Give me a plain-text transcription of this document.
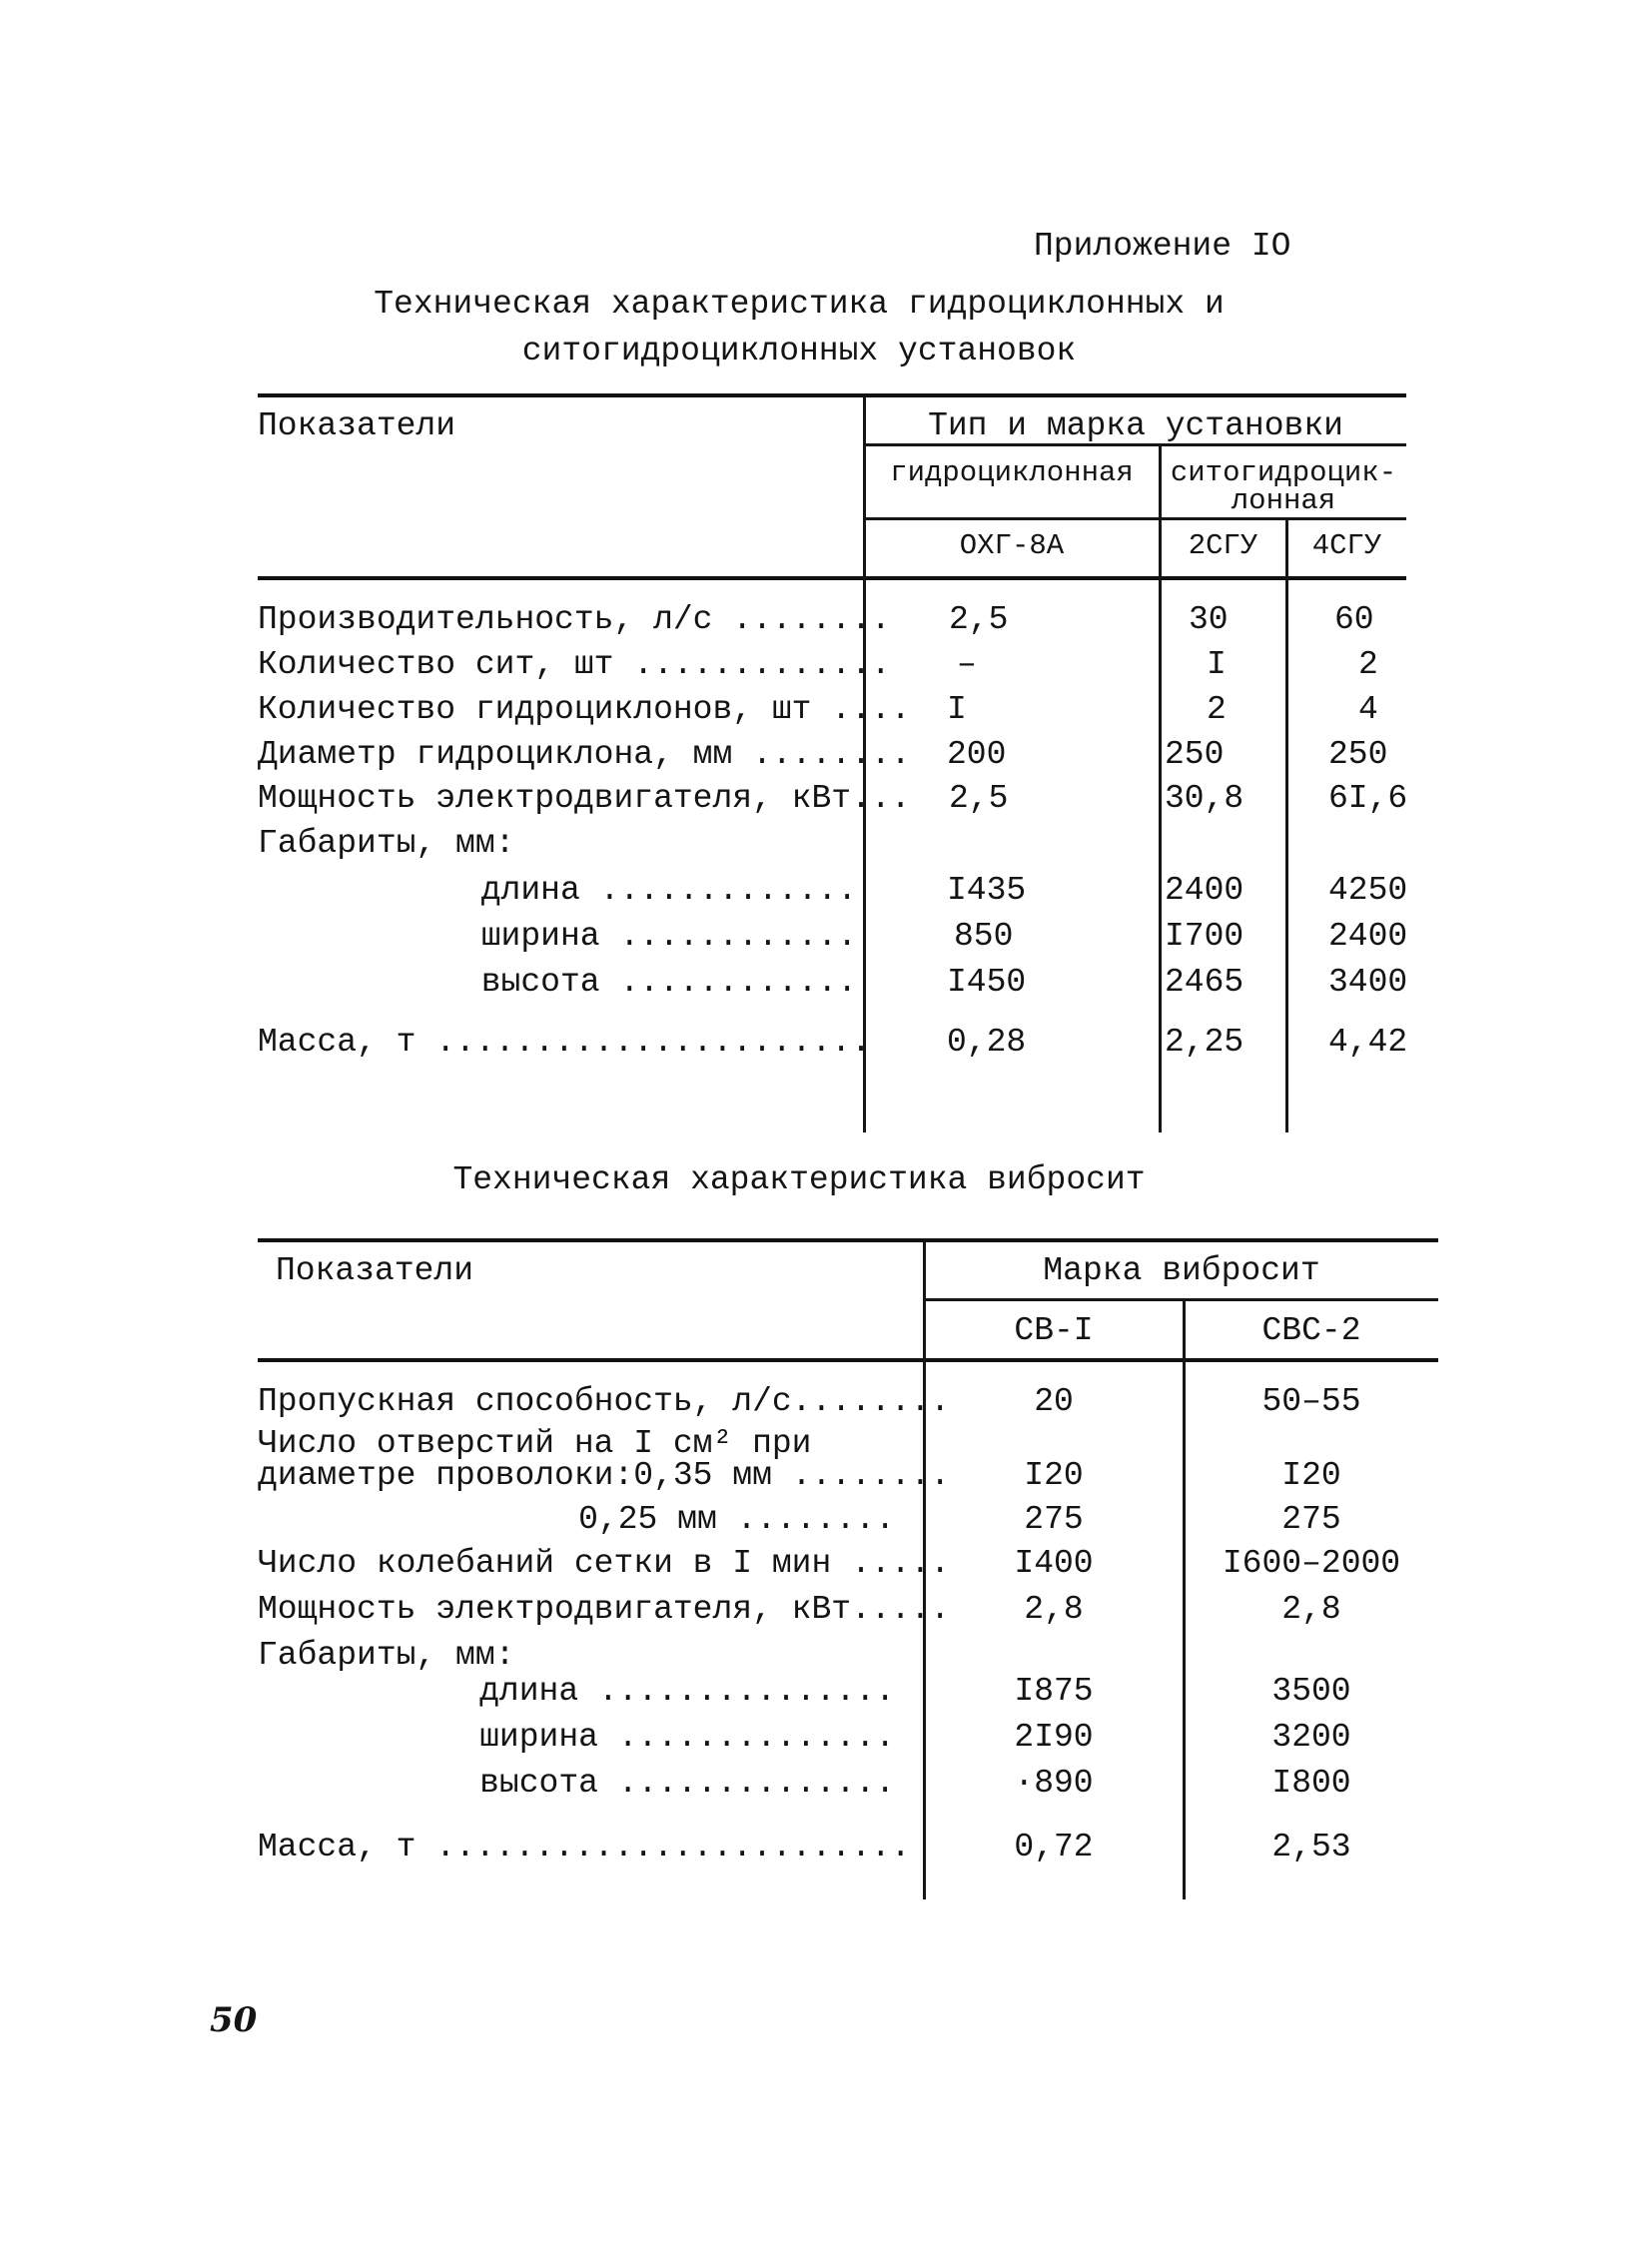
Приложение IO
Техническая характеристика гидроциклонных и
ситогидроциклонных установок
Показатели	Тип и марка установки
гидроциклонная	ситогидроцик-
лонная
ОХГ-8А	2СГУ	4СГУ
Производительность, л/с ........ 2,5	30	60
Количество сит, шт ............. –	I	2
Количество гидроциклонов, шт .... I	2	4
Диаметр гидроциклона, мм ........ 200	250	250
Мощность электродвигателя, кВт... 2,5	30,8	6I,6
Габариты, мм:
длина .............	I435	2400	4250
ширина ............	850	I700	2400
высота ............	I450	2465	3400
Масса, т ...................... 0,28	2,25	4,42
Техническая характеристика вибросит
Показатели	Марка вибросит
СВ-I	СВС-2
Пропускная способность, л/с........	20	50–55
Число отверстий на I см² при
диаметре проволоки:0,35 мм ........	I20	I20
0,25 мм ........	275	275
Число колебаний сетки в I мин .....	I400	I600–2000
Мощность электродвигателя, кВт.....	2,8	2,8
Габариты, мм:
длина ...............	I875	3500
ширина ..............	2I90	3200
высота ..............	·890	I800
Масса, т ........................	0,72	2,53
50
